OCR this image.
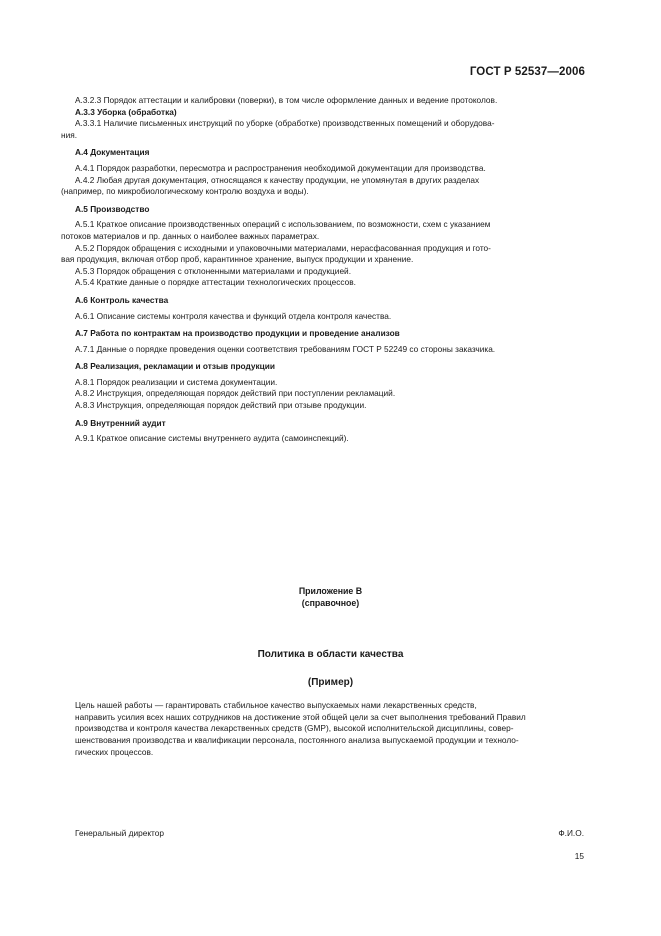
ГОСТ Р 52537—2006
А.3.2.3 Порядок аттестации и калибровки (поверки), в том числе оформление данных и ведение протоколов.
А.3.3 Уборка (обработка)
А.3.3.1 Наличие письменных инструкций по уборке (обработке) производственных помещений и оборудова-
ния.
А.4 Документация
А.4.1 Порядок разработки, пересмотра и распространения необходимой документации для производства.
А.4.2 Любая другая документация, относящаяся к качеству продукции, не упомянутая в других разделах
(например, по микробиологическому контролю воздуха и воды).
А.5 Производство
А.5.1 Краткое описание производственных операций с использованием, по возможности, схем с указанием
потоков материалов и пр. данных о наиболее важных параметрах.
А.5.2 Порядок обращения с исходными и упаковочными материалами, нерасфасованная продукция и гото-
вая продукция, включая отбор проб, карантинное хранение, выпуск продукции и хранение.
А.5.3 Порядок обращения с отклоненными материалами и продукцией.
А.5.4 Краткие данные о порядке аттестации технологических процессов.
А.6 Контроль качества
А.6.1 Описание системы контроля качества и функций отдела контроля качества.
А.7 Работа по контрактам на производство продукции и проведение анализов
А.7.1 Данные о порядке проведения оценки соответствия требованиям ГОСТ Р 52249 со стороны заказчика.
А.8 Реализация, рекламации и отзыв продукции
А.8.1 Порядок реализации и система документации.
А.8.2 Инструкция, определяющая порядок действий при поступлении рекламаций.
А.8.3 Инструкция, определяющая порядок действий при отзыве продукции.
А.9 Внутренний аудит
А.9.1 Краткое описание системы внутреннего аудита (самоинспекций).
Приложение В
(справочное)
Политика в области качества
(Пример)
Цель нашей работы — гарантировать стабильное качество выпускаемых нами лекарственных средств,
направить усилия всех наших сотрудников на достижение этой общей цели за счет выполнения требований Правил
производства и контроля качества лекарственных средств (GMP), высокой исполнительской дисциплины, совер-
шенствования производства и квалификации персонала, постоянного анализа выпускаемой продукции и техноло-
гических процессов.
Генеральный директор	Ф.И.О.
15
